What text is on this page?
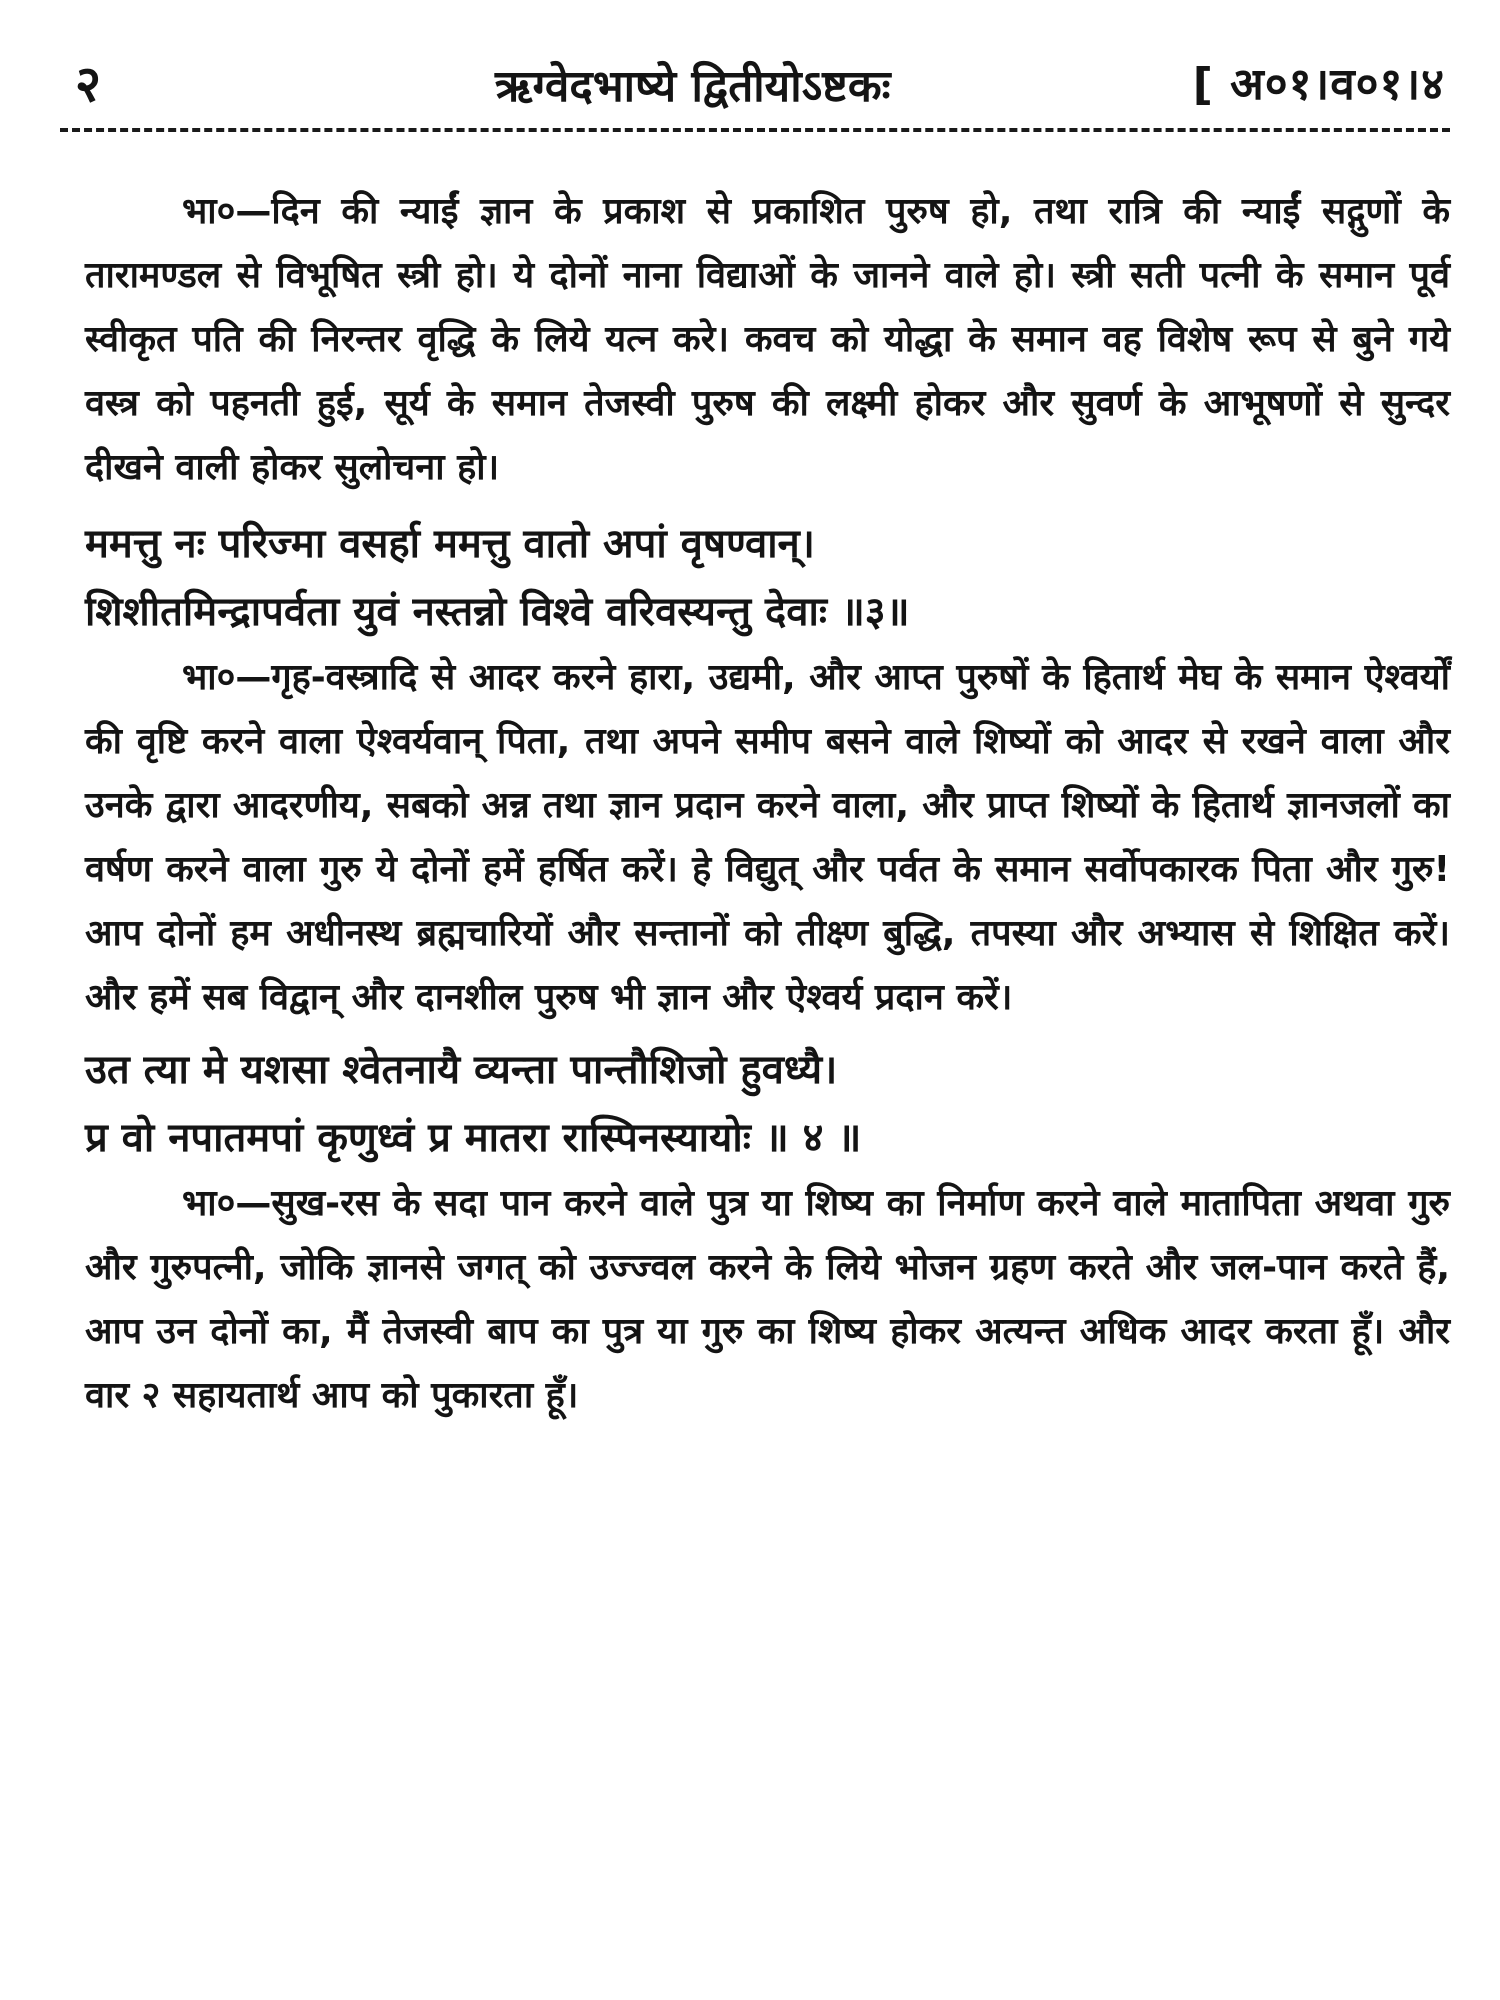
२	ऋग्वेदभाष्ये द्वितीयोऽष्टकः	[ अ०१।व०१।४

भा०—दिन की न्याईं ज्ञान के प्रकाश से प्रकाशित पुरुष हो, तथा रात्रि की न्याईं सद्गुणों के तारामण्डल से विभूषित स्त्री हो। ये दोनों नाना विद्याओं के जानने वाले हो। स्त्री सती पत्नी के समान पूर्व स्वीकृत पति की निरन्तर वृद्धि के लिये यत्न करे। कवच को योद्धा के समान वह विशेष रूप से बुने गये वस्त्र को पहनती हुई, सूर्य के समान तेजस्वी पुरुष की लक्ष्मी होकर और सुवर्ण के आभूषणों से सुन्दर दीखने वाली होकर सुलोचना हो।

ममत्तु नः परिज्मा वसर्हा ममत्तु वातो अपां वृषण्वान्।

शिशीतमिन्द्रापर्वता युवं नस्तन्नो विश्वे वरिवस्यन्तु देवाः ॥३॥

भा०—गृह-वस्त्रादि से आदर करने हारा, उद्यमी, और आप्त पुरुषों के हितार्थ मेघ के समान ऐश्वर्यों की वृष्टि करने वाला ऐश्वर्यवान् पिता, तथा अपने समीप बसने वाले शिष्यों को आदर से रखने वाला और उनके द्वारा आदरणीय, सबको अन्न तथा ज्ञान प्रदान करने वाला, और प्राप्त शिष्यों के हितार्थ ज्ञानजलों का वर्षण करने वाला गुरु ये दोनों हमें हर्षित करें। हे विद्युत् और पर्वत के समान सर्वोपकारक पिता और गुरु! आप दोनों हम अधीनस्थ ब्रह्मचारियों और सन्तानों को तीक्ष्ण बुद्धि, तपस्या और अभ्यास से शिक्षित करें। और हमें सब विद्वान् और दानशील पुरुष भी ज्ञान और ऐश्वर्य प्रदान करें।

उत त्या मे यशसा श्वेतनायै व्यन्ता पान्तौशिजो हुवध्यै।

प्र वो नपातमपां कृणुध्वं प्र मातरा रास्पिनस्यायोः ॥ ४ ॥

भा०—सुख-रस के सदा पान करने वाले पुत्र या शिष्य का निर्माण करने वाले मातापिता अथवा गुरु और गुरुपत्नी, जोकि ज्ञानसे जगत् को उज्ज्वल करने के लिये भोजन ग्रहण करते और जल-पान करते हैं, आप उन दोनों का, मैं तेजस्वी बाप का पुत्र या गुरु का शिष्य होकर अत्यन्त अधिक आदर करता हूँ। और वार २ सहायतार्थ आप को पुकारता हूँ।
